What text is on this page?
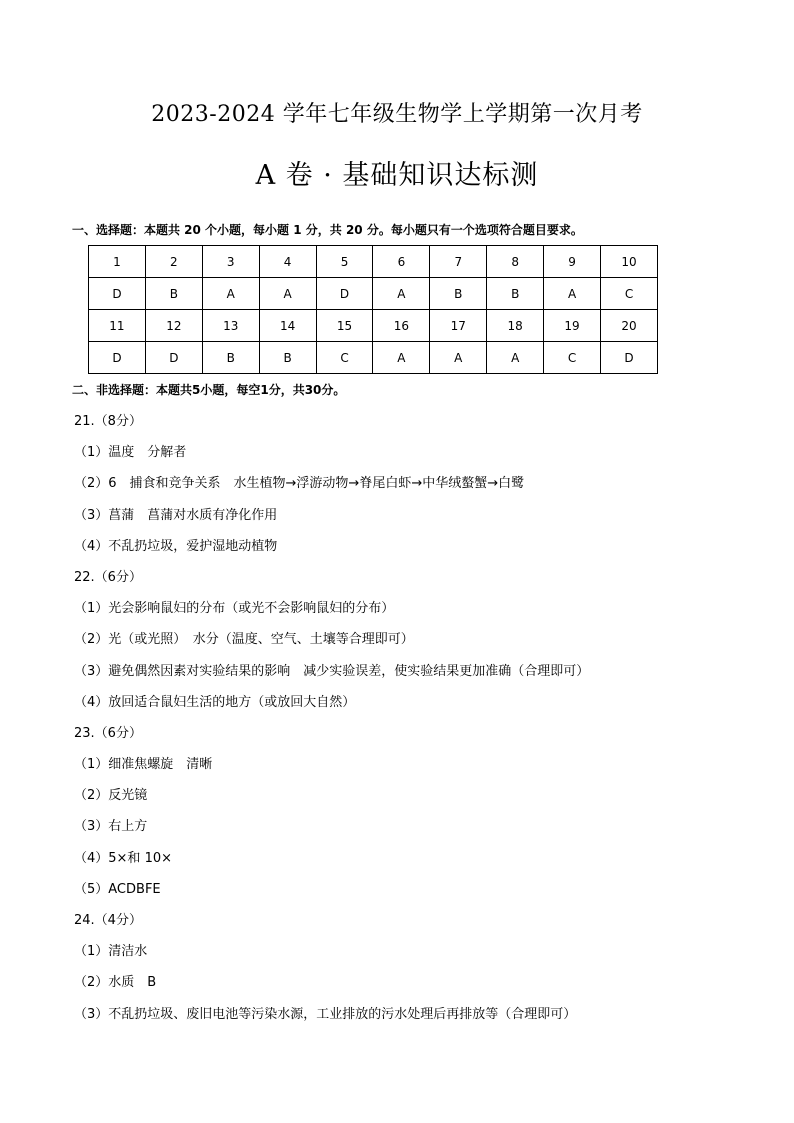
2023-2024 学年七年级生物学上学期第一次月考
A 卷 · 基础知识达标测
一、选择题：本题共 20 个小题，每小题 1 分，共 20 分。每小题只有一个选项符合题目要求。
1	2	3	4	5	6	7	8	9	10
D	B	A	A	D	A	B	B	A	C
11	12	13	14	15	16	17	18	19	20
D	D	B	B	C	A	A	A	C	D
二、非选择题：本题共5小题，每空1分，共30分。
21.（8分）
（1）温度　分解者
（2）6　捕食和竞争关系　水生植物→浮游动物→脊尾白虾→中华绒螯蟹→白鹭
（3）菖蒲　菖蒲对水质有净化作用
（4）不乱扔垃圾，爱护湿地动植物
22.（6分）
（1）光会影响鼠妇的分布（或光不会影响鼠妇的分布）
（2）光（或光照）　水分（温度、空气、土壤等合理即可）
（3）避免偶然因素对实验结果的影响　减少实验误差，使实验结果更加准确（合理即可）
（4）放回适合鼠妇生活的地方（或放回大自然）
23.（6分）
（1）细准焦螺旋　清晰
（2）反光镜
（3）右上方
（4）5×和 10×
（5）ACDBFE
24.（4分）
（1）清洁水
（2）水质　B
（3）不乱扔垃圾、废旧电池等污染水源，工业排放的污水处理后再排放等（合理即可）
